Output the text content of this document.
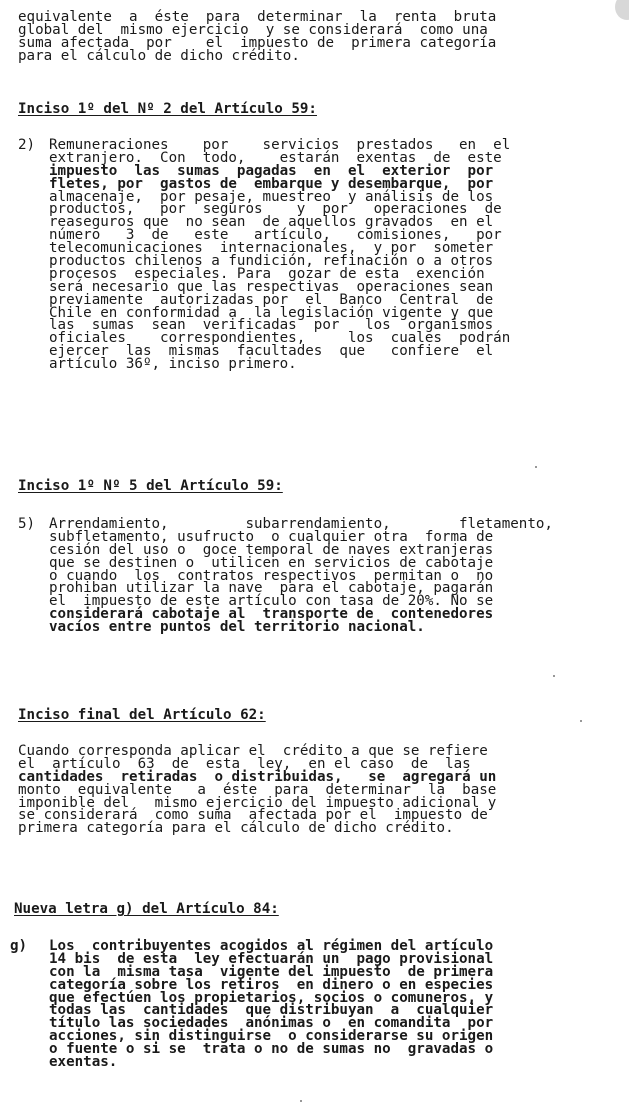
equivalente  a  éste  para  determinar  la  renta  bruta
global del  mismo ejercicio  y se considerará  como una
suma afectada  por    el  impuesto de  primera categoría
para el cálculo de dicho crédito.
Inciso 1º del Nº 2 del Artículo 59:
2) Remuneraciones    por    servicios  prestados   en  el
extranjero.  Con  todo,    estarán  exentas  de  este
impuesto  las  sumas  pagadas  en  el  exterior  por
fletes, por  gastos de  embarque y desembarque,  por
almacenaje,  por pesaje, muestreo  y análisis de los
productos,   por  seguros    y  por   operaciones  de
reaseguros que  no sean  de aquellos gravados  en el
número   3  de   este   artículo,   comisiones,   por
telecomunicaciones  internacionales,  y por  someter
productos chilenos a fundición, refinación o a otros
procesos  especiales. Para  gozar de esta  exención
será necesario que las respectivas  operaciones sean
previamente  autorizadas por  el  Banco  Central  de
Chile en conformidad a  la legislación vigente y que
las  sumas  sean  verificadas  por   los  organismos
oficiales    correspondientes,     los  cuales  podrán
ejercer  las  mismas  facultades  que   confiere  el
artículo 36º, inciso primero.
Inciso 1º Nº 5 del Artículo 59:
5) Arrendamiento,         subarrendamiento,        fletamento,
subfletamento, usufructo  o cualquier otra  forma de
cesión del uso o  goce temporal de naves extranjeras
que se destinen o  utilicen en servicios de cabotaje
o cuando  los  contratos respectivos  permitan o  no
prohiban utilizar la nave  para el cabotaje, pagarán
el  impuesto de este artículo con tasa de 20%. No se
considerará cabotaje al  transporte de  contenedores
vacíos entre puntos del territorio nacional.
Inciso final del Artículo 62:
Cuando corresponda aplicar el  crédito a que se refiere
el  artículo  63  de  esta  ley,  en el caso  de  las
cantidades  retiradas  o distribuidas,   se  agregará un
monto  equivalente   a  éste  para  determinar  la  base
imponible del   mismo ejercicio del impuesto adicional y
se considerará  como suma  afectada por el  impuesto de
primera categoría para el cálculo de dicho crédito.
Nueva letra g) del Artículo 84:
g) Los  contribuyentes acogidos al régimen del artículo
14 bis  de esta  ley efectuarán un  pago provisional
con la  misma tasa  vigente del impuesto  de primera
categoría sobre los retiros  en dinero o en especies
que efectúen los propietarios, socios o comuneros, y
todas las  cantidades  que distribuyan  a  cualquier
título las sociedades  anónimas o  en comandita  por
acciones, sin distinguirse  o considerarse su origen
o fuente o si se  trata o no de sumas no  gravadas o
exentas.
